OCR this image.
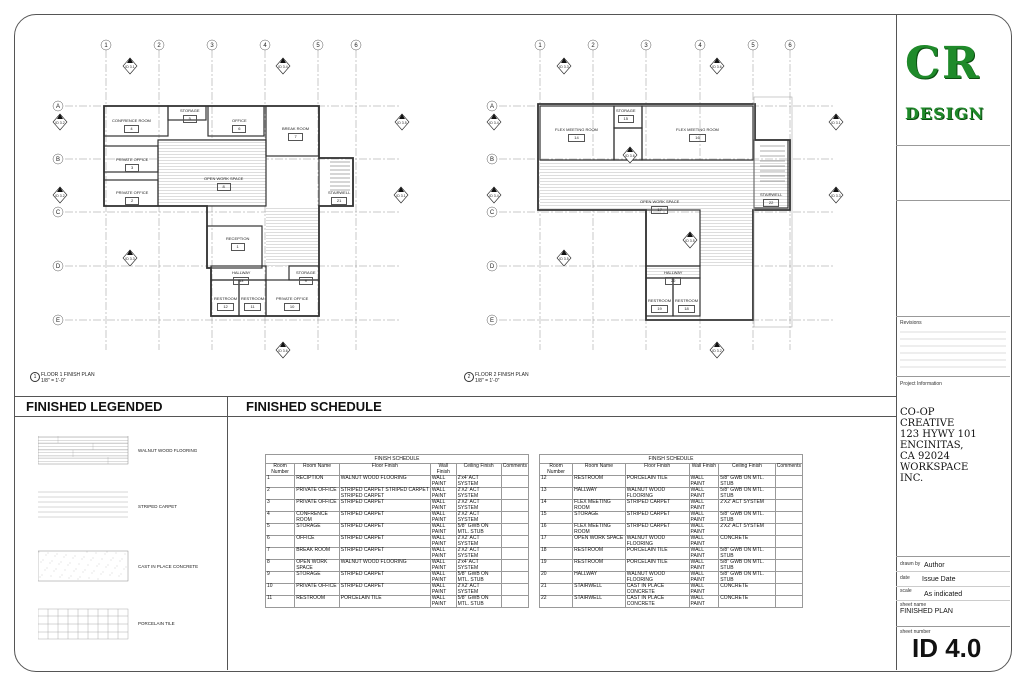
1	2	3	4	5	6
A
B
C
D
E
1	2	3	4	5	6
A
B
C
D
E
ID 3.1
ID 3.2
ID 3.3
ID 3.4
ID 3.5
ID 3.6
ID 3.1
ID 3.2
ID 3.3
ID 3.4
ID 3.5
ID 3.6
ID 3.1
ID 3.2
ID 3.3
ID 3.4
ID 3.5
ID 3.6
CONFRENCE ROOM
4
STORAGE
5	OFFICE
6	BREAK ROOM
7
PRIVATE OFFICE
3
OPEN WORK SPACE
8
PRIVATE OFFICE
2
STAIRWELL
21
RECEPTION
1
HALLWAY
13
STORAGE
9
RESTROOM
12
RESTROOM
11
PRIVATE OFFICE
10
FLEX MEETING ROOM
14
STORAGE
15
FLEX MEETING ROOM
16
OPEN WORK SPACE
17
STAIRWELL
22
HALLWAY
20
RESTROOM
19
RESTROOM
18
1 FLOOR 1 FINISH PLAN
1/8" = 1'-0"
2 FLOOR 2 FINISH PLAN
1/8" = 1'-0"
FINISHED LEGENDED
WALNUT WOOD FLOORING
STRIPED CARPET
CAST IN PLACE CONCRETE
PORCELAIN TILE
FINISHED SCHEDULE
FINISH SCHEDULE
Room Number	Room Name	Floor Finish	Wall Finish	Ceiling Finish	Comments
1	RECIPTION	WALNUT WOOD FLOORING	WALL PAINT	2'x4' ACT SYSTEM	
2	PRIVATE OFFICE	STRIPED CARPET STRIPED CARPET STRIPED CARPET	WALL PAINT	2'X2' ACT SYSTEM	
3	PRIVATE OFFICE	STRIPED CARPET	WALL PAINT	2'X2' ACT SYSTEM	
4	CONFRENCE ROOM	STRIPED CARPET	WALL PAINT	2'X2' ACT SYSTEM	
5	STORAGE	STRIPED CARPET	WALL PAINT	5/8" GWB ON MTL. STUB	
6	OFFICE	STRIPED CARPET	WALL PAINT	2'X2' ACT SYSTEM	
7	BREAK ROOM	STRIPED CARPET	WALL PAINT	2'X2' ACT SYSTEM	
8	OPEN WORK SPACE	WALNUT WOOD FLOORING	WALL PAINT	2'x4' ACT SYSTEM	
9	STORAGE	STRIPED CARPET	WALL PAINT	5/8" GWB ON MTL. STUB	
10	PRIVATE OFFICE	STRIPED CARPET	WALL PAINT	2'X2' ACT SYSTEM	
11	RESTROOM	PORCELAIN TILE	WALL PAINT	5/8" GWB ON MTL. STUB	
FINISH SCHEDULE
Room Number	Room Name	Floor Finish	Wall Finish	Ceiling Finish	Comments
12	RESTROOM	PORCELAIN TILE	WALL PAINT	5/8" GWB ON MTL. STUB	
13	HALLWAY	WALNUT WOOD FLOORING	WALL PAINT	5/8" GWB ON MTL. STUB	
14	FLEX MEETING ROOM	STRIPED CARPET	WALL PAINT	2'X2' ACT SYSTEM	
15	STORAGE	STRIPED CARPET	WALL PAINT	5/8" GWB ON MTL. STUB	
16	FLEX MEETING ROOM	STRIPED CARPET	WALL PAINT	2'X2' ACT SYSTEM	
17	OPEN WORK SPACE	WALNUT WOOD FLOORING	WALL PAINT	CONCRETE	
18	RESTROOM	PORCELAIN TILE	WALL PAINT	5/8" GWB ON MTL. STUB	
19	RESTROOM	PORCELAIN TILE	WALL PAINT	5/8" GWB ON MTL. STUB	
20	HALLWAY	WALNUT WOOD FLOORING	WALL PAINT	5/8" GWB ON MTL. STUB	
21	STAIRWELL	CAST IN PLACE CONCRETE	WALL PAINT	CONCRETE	
22	STAIRWELL	CAST IN PLACE CONCRETE	WALL PAINT	CONCRETE	
CR
DESIGN
Revisions
Project Information
CO-OP
CREATIVE
123 HYWY 101
ENCINITAS,
CA 92024
WORKSPACE
INC.
drawn by Author
date Issue Date
scale As indicated
sheet name
FINISHED PLAN
sheet number
ID 4.0
